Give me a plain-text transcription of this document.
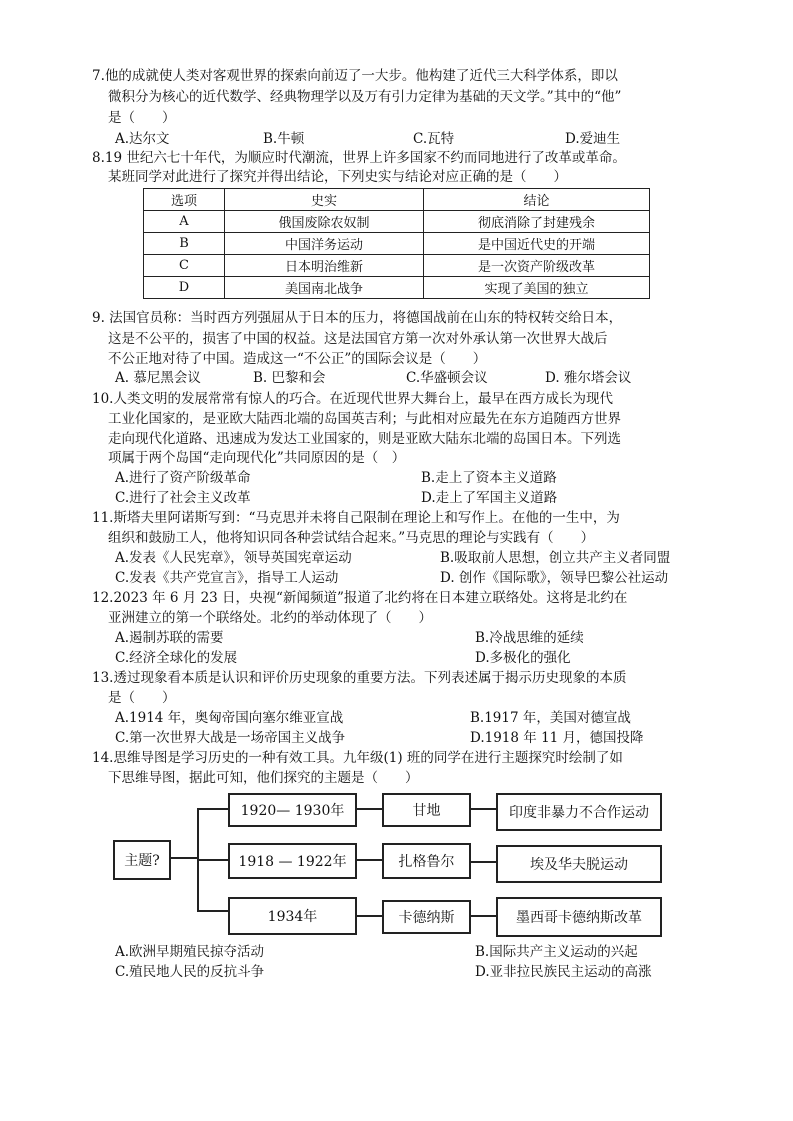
7.他的成就使人类对客观世界的探索向前迈了一大步。他构建了近代三大科学体系，即以
微积分为核心的近代数学、经典物理学以及万有引力定律为基础的天文学。”其中的“他”
是（　　）
A.达尔文	B.牛顿	C.瓦特	D.爱迪生
8.19 世纪六七十年代，为顺应时代潮流，世界上许多国家不约而同地进行了改革或革命。
某班同学对此进行了探究并得出结论，下列史实与结论对应正确的是（　　）
选项	史实	结论
A	俄国废除农奴制	彻底消除了封建残余
B	中国洋务运动	是中国近代史的开端
C	日本明治维新	是一次资产阶级改革
D	美国南北战争	实现了美国的独立
9. 法国官员称：当时西方列强屈从于日本的压力，将德国战前在山东的特权转交给日本，
这是不公平的，损害了中国的权益。这是法国官方第一次对外承认第一次世界大战后
不公正地对待了中国。造成这一“不公正”的国际会议是（　　）
A. 慕尼黑会议	B. 巴黎和会	C.华盛顿会议	D. 雅尔塔会议
10.人类文明的发展常常有惊人的巧合。在近现代世界大舞台上，最早在西方成长为现代
工业化国家的，是亚欧大陆西北端的岛国英吉利；与此相对应最先在东方追随西方世界
走向现代化道路、迅速成为发达工业国家的，则是亚欧大陆东北端的岛国日本。下列选
项属于两个岛国“走向现代化”共同原因的是（　）
A.进行了资产阶级革命	B.走上了资本主义道路
C.进行了社会主义改革	D.走上了军国主义道路
11.斯塔夫里阿诺斯写到：“马克思并未将自己限制在理论上和写作上。在他的一生中，为
组织和鼓励工人，他将知识同各种尝试结合起来。”马克思的理论与实践有（　　）
A.发表《人民宪章》，领导英国宪章运动	B.吸取前人思想，创立共产主义者同盟
C.发表《共产党宣言》，指导工人运动	D. 创作《国际歌》，领导巴黎公社运动
12.2023 年 6 月 23 日，央视“新闻频道”报道了北约将在日本建立联络处。这将是北约在
亚洲建立的第一个联络处。北约的举动体现了（　　）
A.遏制苏联的需要	B.冷战思维的延续
C.经济全球化的发展	D.多极化的强化
13.透过现象看本质是认识和评价历史现象的重要方法。下列表述属于揭示历史现象的本质
是（　　）
A.1914 年，奥匈帝国向塞尔维亚宣战	B.1917 年，美国对德宣战
C.第一次世界大战是一场帝国主义战争	D.1918 年 11 月，德国投降
14.思维导图是学习历史的一种有效工具。九年级(1) 班的同学在进行主题探究时绘制了如
下思维导图，据此可知，他们探究的主题是（　　）
主题?
1920— 1930年	甘地	印度非暴力不合作运动
1918 — 1922年	扎格鲁尔	埃及华夫脱运动
1934年	卡德纳斯	墨西哥卡德纳斯改革
A.欧洲早期殖民掠夺活动	B.国际共产主义运动的兴起
C.殖民地人民的反抗斗争	D.亚非拉民族民主运动的高涨
